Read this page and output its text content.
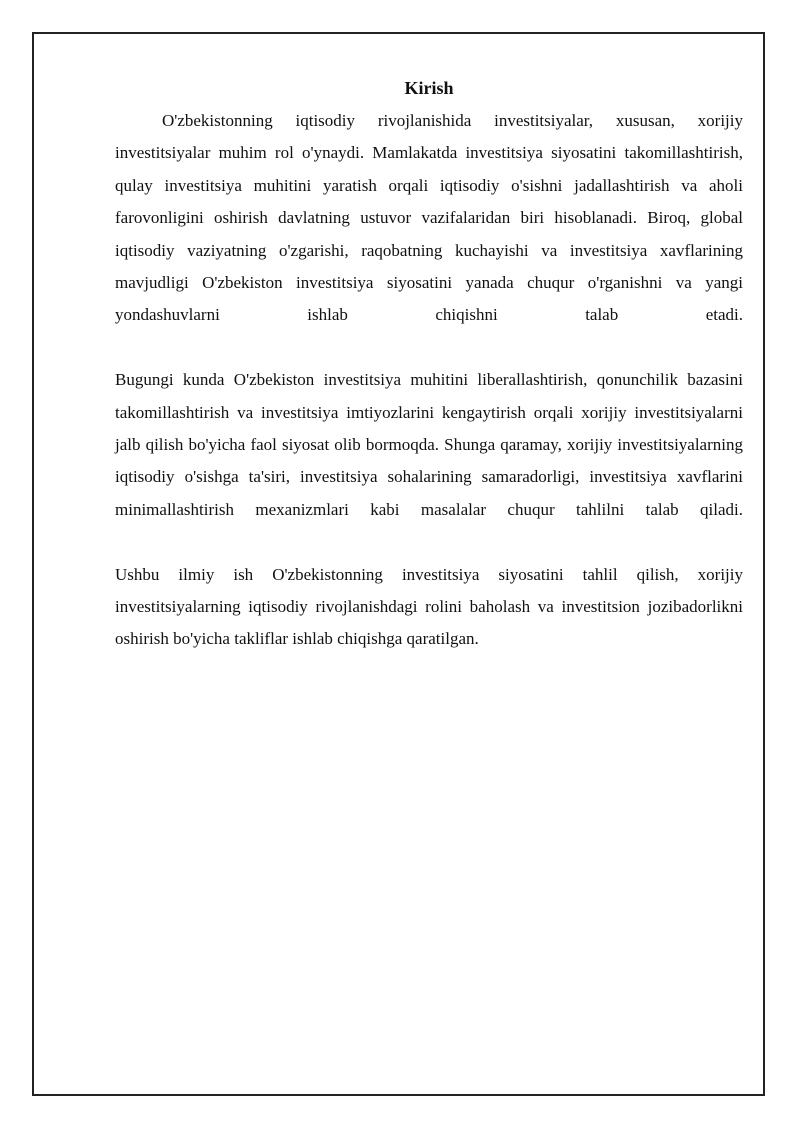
Kirish

O'zbekistonning iqtisodiy rivojlanishida investitsiyalar, xususan, xorijiy investitsiyalar muhim rol o'ynaydi. Mamlakatda investitsiya siyosatini takomillashtirish, qulay investitsiya muhitini yaratish orqali iqtisodiy o'sishni jadallashtirish va aholi farovonligini oshirish davlatning ustuvor vazifalaridan biri hisoblanadi. Biroq, global iqtisodiy vaziyatning o'zgarishi, raqobatning kuchayishi va investitsiya xavflarining mavjudligi O'zbekiston investitsiya siyosatini yanada chuqur o'rganishni va yangi yondashuvlarni ishlab chiqishni talab etadi.

Bugungi kunda O'zbekiston investitsiya muhitini liberallashtirish, qonunchilik bazasini takomillashtirish va investitsiya imtiyozlarini kengaytirish orqali xorijiy investitsiyalarni jalb qilish bo'yicha faol siyosat olib bormoqda. Shunga qaramay, xorijiy investitsiyalarning iqtisodiy o'sishga ta'siri, investitsiya sohalarining samaradorligi, investitsiya xavflarini minimallashtirish mexanizmlari kabi masalalar chuqur tahlilni talab qiladi.

Ushbu ilmiy ish O'zbekistonning investitsiya siyosatini tahlil qilish, xorijiy investitsiyalarning iqtisodiy rivojlanishdagi rolini baholash va investitsion jozibadorlikni oshirish bo'yicha takliflar ishlab chiqishga qaratilgan.
